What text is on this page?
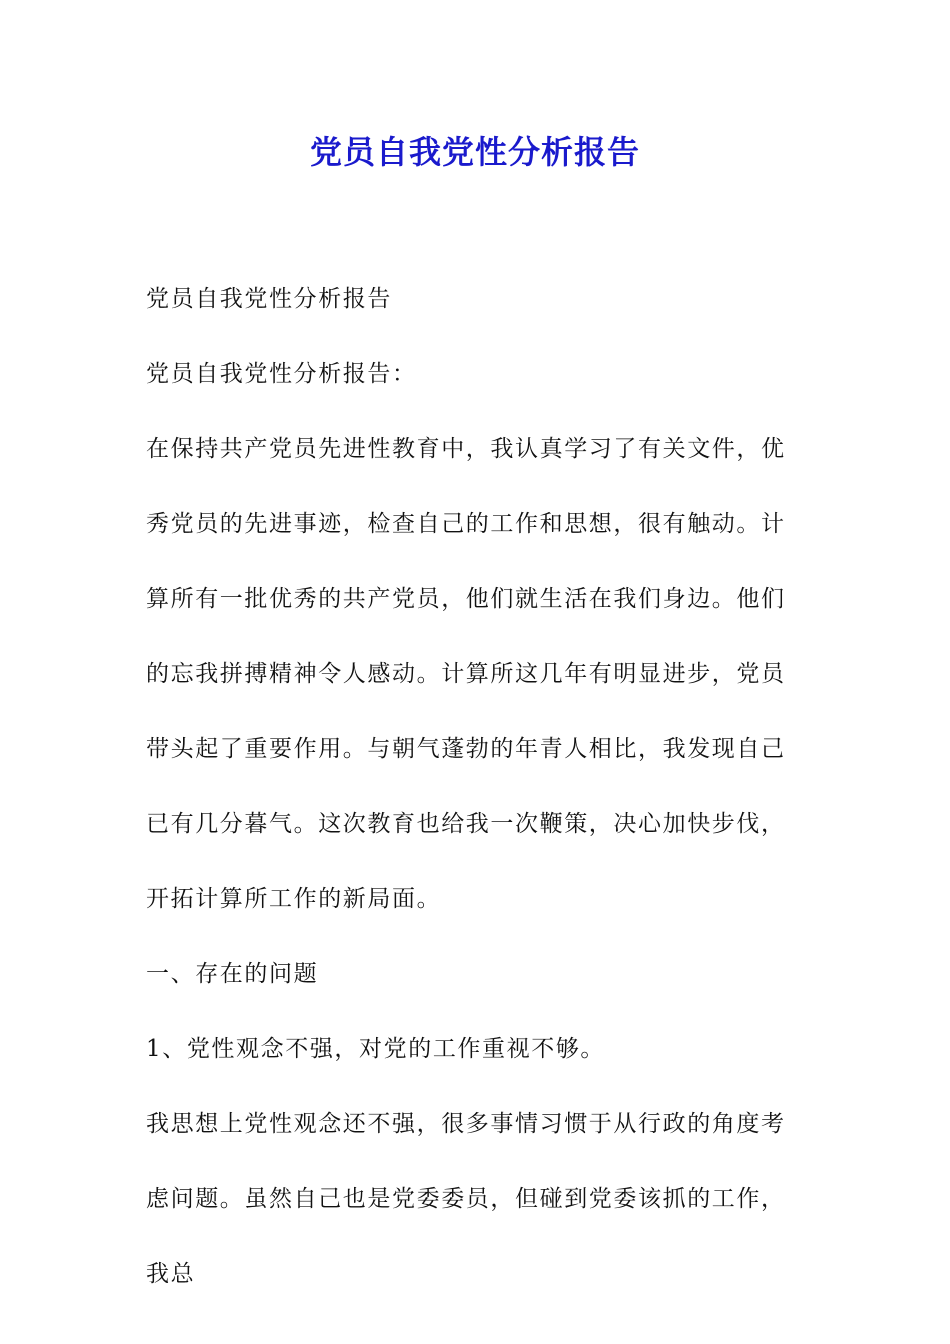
党员自我党性分析报告

党员自我党性分析报告

党员自我党性分析报告：

在保持共产党员先进性教育中，我认真学习了有关文件，优秀党员的先进事迹，检查自己的工作和思想，很有触动。计算所有一批优秀的共产党员，他们就生活在我们身边。他们的忘我拼搏精神令人感动。计算所这几年有明显进步，党员带头起了重要作用。与朝气蓬勃的年青人相比，我发现自己已有几分暮气。这次教育也给我一次鞭策，决心加快步伐，开拓计算所工作的新局面。

一、存在的问题

1、党性观念不强，对党的工作重视不够。

我思想上党性观念还不强，很多事情习惯于从行政的角度考虑问题。虽然自己也是党委委员，但碰到党委该抓的工作，我总
